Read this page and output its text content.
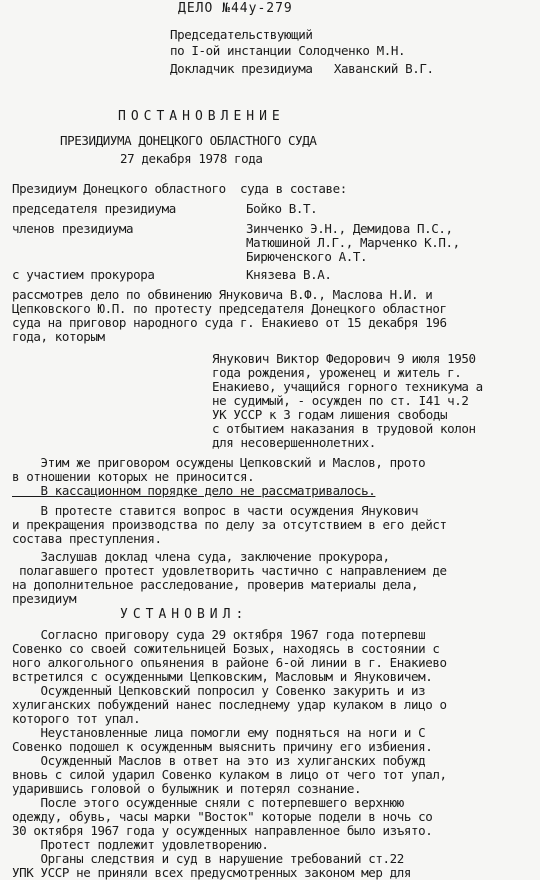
ДЕЛО №44у-279
Председательствующий
по I-ой инстанции Солодченко М.Н.
Докладчик президиума   Хаванский В.Г.
ПОСТАНОВЛЕНИЕ
ПРЕЗИДИУМА ДОНЕЦКОГО ОБЛАСТНОГО СУДА
27 декабря 1978 года
Президиум Донецкого областного  суда в составе:
председателя президиума	Бойко В.Т.
членов президиума	Зинченко Э.Н., Демидова П.С.,
Матюшиной Л.Г., Марченко К.П.,
Бирюченского А.Т.
с участием прокурора	Князева В.А.
рассмотрев дело по обвинению Януковича В.Ф., Маслова Н.И. и
Цепковского Ю.П. по протесту председателя Донецкого областног
суда на приговор народного суда г. Енакиево от 15 декабря 196
года, которым
Янукович Виктор Федорович 9 июля 1950
года рождения, уроженец и житель г.
Енакиево, учащийся горного техникума а
не судимый, - осужден по ст. I41 ч.2
УК УССР к 3 годам лишения свободы
с отбытием наказания в трудовой колон
для несовершеннолетних.
Этим же приговором осуждены Цепковский и Маслов, прото
в отношении которых не приносится.
В кассационном порядке дело не рассматривалось.
В протесте ставится вопрос в части осуждения Янукович
и прекращения производства по делу за отсутствием в его дейст
состава преступления.
Заслушав доклад члена суда, заключение прокурора,
полагавшего протест удовлетворить частично с направлением де
на дополнительное расследование, проверив материалы дела,
президиум
УСТАНОВИЛ:
Согласно приговору суда 29 октября 1967 года потерпевш
Совенко со своей сожительницей Бозых, находясь в состоянии с
ного алкогольного опьянения в районе 6-ой линии в г. Енакиево
встретился с осужденными Цепковским, Масловым и Януковичем.
Осужденный Цепковский попросил у Совенко закурить и из
хулиганских побуждений нанес последнему удар кулаком в лицо о
которого тот упал.
Неустановленные лица помогли ему подняться на ноги и С
Совенко подошел к осужденным выяснить причину его избиения.
Осужденный Маслов в ответ на это из хулиганских побужд
вновь с силой ударил Совенко кулаком в лицо от чего тот упал,
ударившись головой о булыжник и потерял сознание.
После этого осужденные сняли с потерпевшего верхнюю
одежду, обувь, часы марки "Восток" которые подели в ночь со
30 октября 1967 года у осужденных направленное было изъято.
Протест подлежит удовлетворению.
Органы следствия и суд в нарушение требований ст.22
УПК УССР не приняли всех предусмотренных законом мер для
